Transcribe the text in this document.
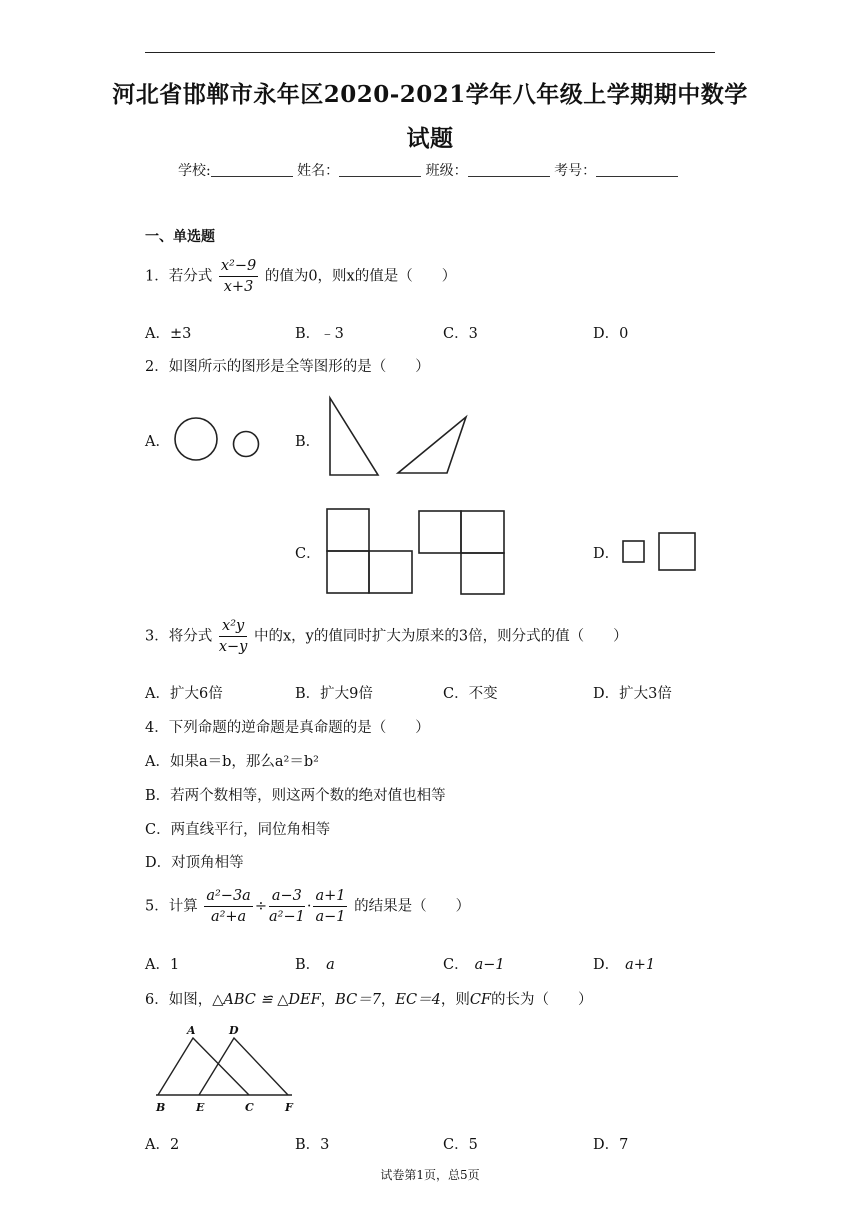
河北省邯郸市永年区2020-2021学年八年级上学期期中数学
试题
学校:	姓名：	班级：	考号：
一、单选题
1．若分式 $\frac{\text{x²−9}}{x+3}$ 的值为0，则x的值是（　　）
A．±3	B．﹣3	C．3	D．0
2．如图所示的图形是全等图形的是（　　）
A．	B．
C．	D．
3．将分式 $\frac{\text{x²y}}{x-y}$ 中的x，y的值同时扩大为原来的3倍，则分式的值（　　）
A．扩大6倍	B．扩大9倍	C．不变	D．扩大3倍
4．下列命题的逆命题是真命题的是（　　）
A．如果a＝b，那么a²＝b²
B．若两个数相等，则这两个数的绝对值也相等
C．两直线平行，同位角相等
D．对顶角相等
5．计算 $\frac{\text{a²−3a}}{\text{a²+a}} \div \frac{a-3}{\text{a²−1}} \cdot \frac{a+1}{a-1}$ 的结果是（　　）
A．1	B． a	C． a−1	D． a+1
6．如图，△ABC ≌ △DEF，BC＝7，EC＝4，则CF的长为（　　）
A	D
B	E	C	F
A．2	B．3	C．5	D．7
试卷第1页，总5页
